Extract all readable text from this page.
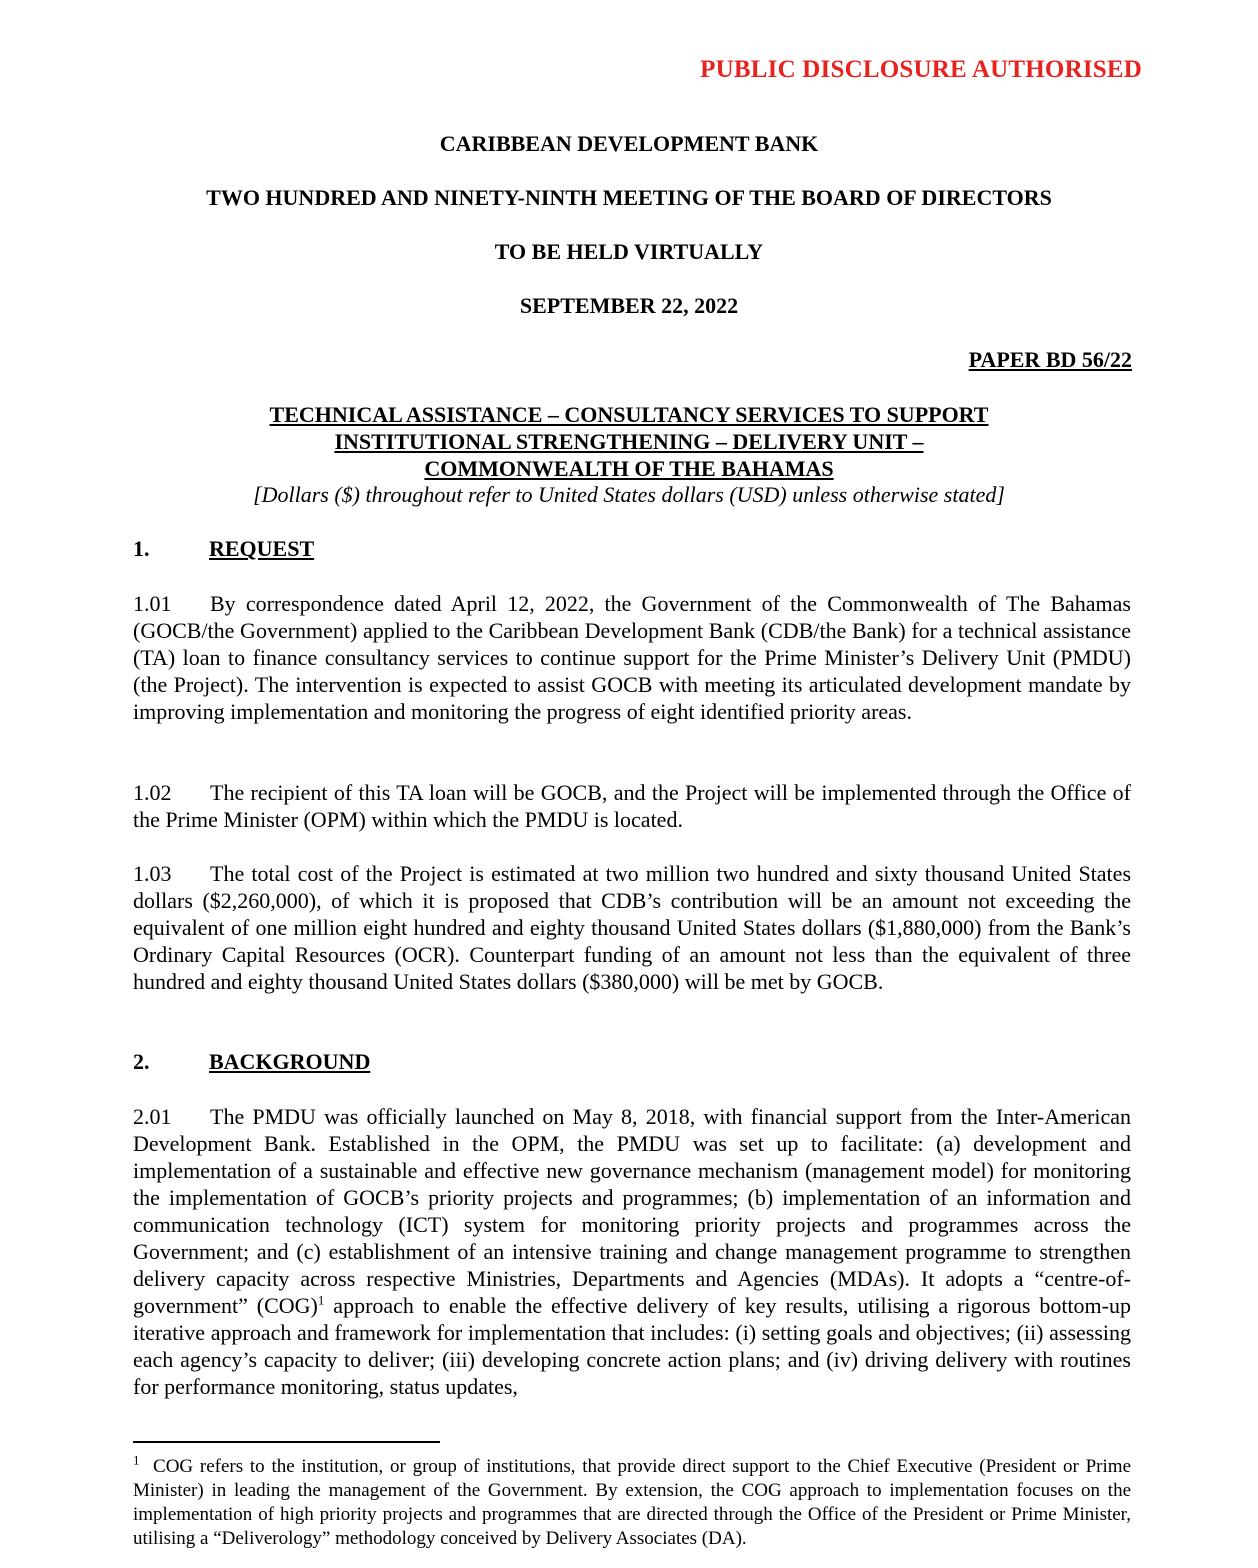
PUBLIC DISCLOSURE AUTHORISED
CARIBBEAN DEVELOPMENT BANK
TWO HUNDRED AND NINETY-NINTH MEETING OF THE BOARD OF DIRECTORS
TO BE HELD VIRTUALLY
SEPTEMBER 22, 2022
PAPER BD 56/22
TECHNICAL ASSISTANCE – CONSULTANCY SERVICES TO SUPPORT
INSTITUTIONAL STRENGTHENING – DELIVERY UNIT –
COMMONWEALTH OF THE BAHAMAS
[Dollars ($) throughout refer to United States dollars (USD) unless otherwise stated]
1.	REQUEST
1.01 By correspondence dated April 12, 2022, the Government of the Commonwealth of The Bahamas (GOCB/the Government) applied to the Caribbean Development Bank (CDB/the Bank) for a technical assistance (TA) loan to finance consultancy services to continue support for the Prime Minister’s Delivery Unit (PMDU) (the Project). The intervention is expected to assist GOCB with meeting its articulated development mandate by improving implementation and monitoring the progress of eight identified priority areas.
1.02 The recipient of this TA loan will be GOCB, and the Project will be implemented through the Office of the Prime Minister (OPM) within which the PMDU is located.
1.03 The total cost of the Project is estimated at two million two hundred and sixty thousand United States dollars ($2,260,000), of which it is proposed that CDB’s contribution will be an amount not exceeding the equivalent of one million eight hundred and eighty thousand United States dollars ($1,880,000) from the Bank’s Ordinary Capital Resources (OCR). Counterpart funding of an amount not less than the equivalent of three hundred and eighty thousand United States dollars ($380,000) will be met by GOCB.
2.	BACKGROUND
2.01 The PMDU was officially launched on May 8, 2018, with financial support from the Inter-American Development Bank. Established in the OPM, the PMDU was set up to facilitate: (a) development and implementation of a sustainable and effective new governance mechanism (management model) for monitoring the implementation of GOCB’s priority projects and programmes; (b) implementation of an information and communication technology (ICT) system for monitoring priority projects and programmes across the Government; and (c) establishment of an intensive training and change management programme to strengthen delivery capacity across respective Ministries, Departments and Agencies (MDAs). It adopts a “centre-of-government” (COG)$^1$ approach to enable the effective delivery of key results, utilising a rigorous bottom-up iterative approach and framework for implementation that includes: (i) setting goals and objectives; (ii) assessing each agency’s capacity to deliver; (iii) developing concrete action plans; and (iv) driving delivery with routines for performance monitoring, status updates,
$^1$ COG refers to the institution, or group of institutions, that provide direct support to the Chief Executive (President or Prime Minister) in leading the management of the Government. By extension, the COG approach to implementation focuses on the implementation of high priority projects and programmes that are directed through the Office of the President or Prime Minister, utilising a “Deliverology” methodology conceived by Delivery Associates (DA).
